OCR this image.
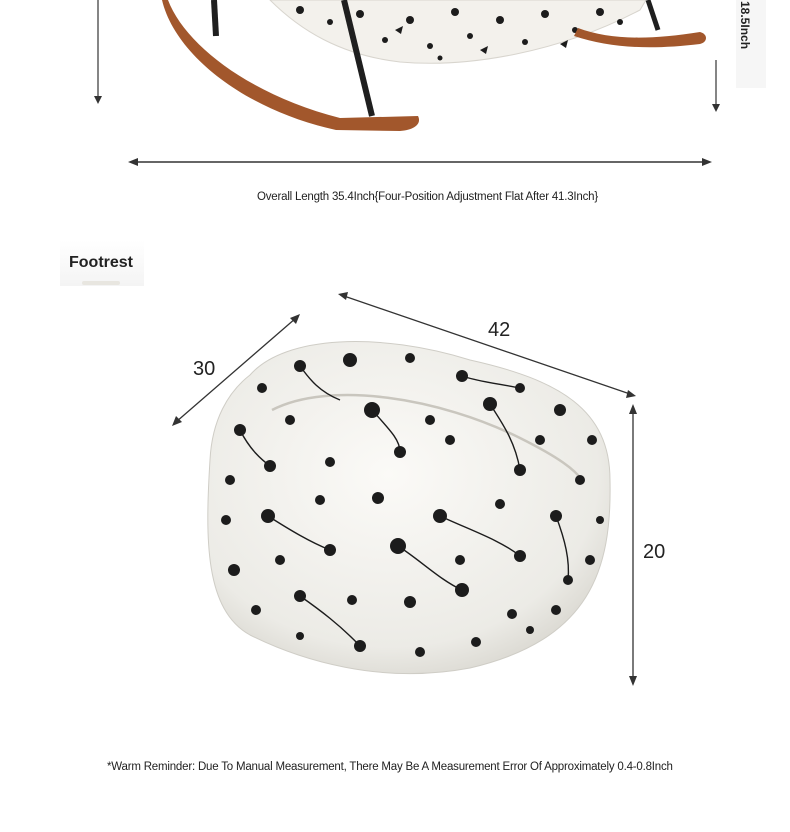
18.5Inch
Overall Length 35.4Inch{Four-Position Adjustment Flat After 41.3Inch}
Footrest
42
30
20
*Warm Reminder: Due To Manual Measurement, There May Be A Measurement Error Of Approximately 0.4-0.8Inch
